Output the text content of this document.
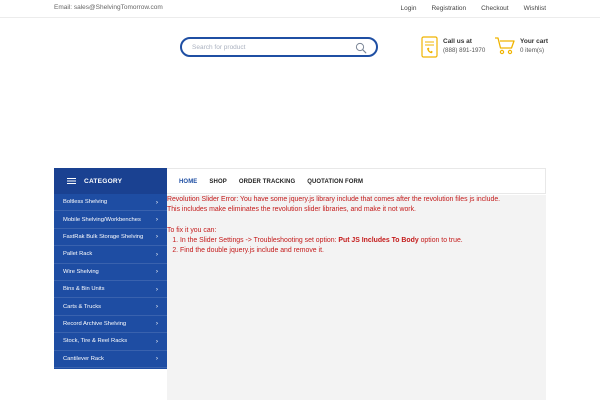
Email: sales@ShelvingTomorrow.com	Login Registration Checkout Wishlist
Search for product
Call us at
(888) 891-1970
Your cart
0 item(s)
HOME SHOP ORDER TRACKING QUOTATION FORM
CATEGORY
Boltless Shelving	›
Mobile Shelving/Workbenches ›
FastRak Bulk Storage Shelving ›
Pallet Rack	›
Wire Shelving	›
Bins & Bin Units	›
Carts & Trucks	›
Record Archive Shelving	›
Stock, Tire & Reel Racks	›
Cantilever Rack	›

Revolution Slider Error: You have some jquery.js library include that comes after the revolution files js include.

This includes make eliminates the revolution slider libraries, and make it not work.

To fix it you can:

1. In the Slider Settings -> Troubleshooting set option: Put JS Includes To Body option to true.
2. Find the double jquery.js include and remove it.
